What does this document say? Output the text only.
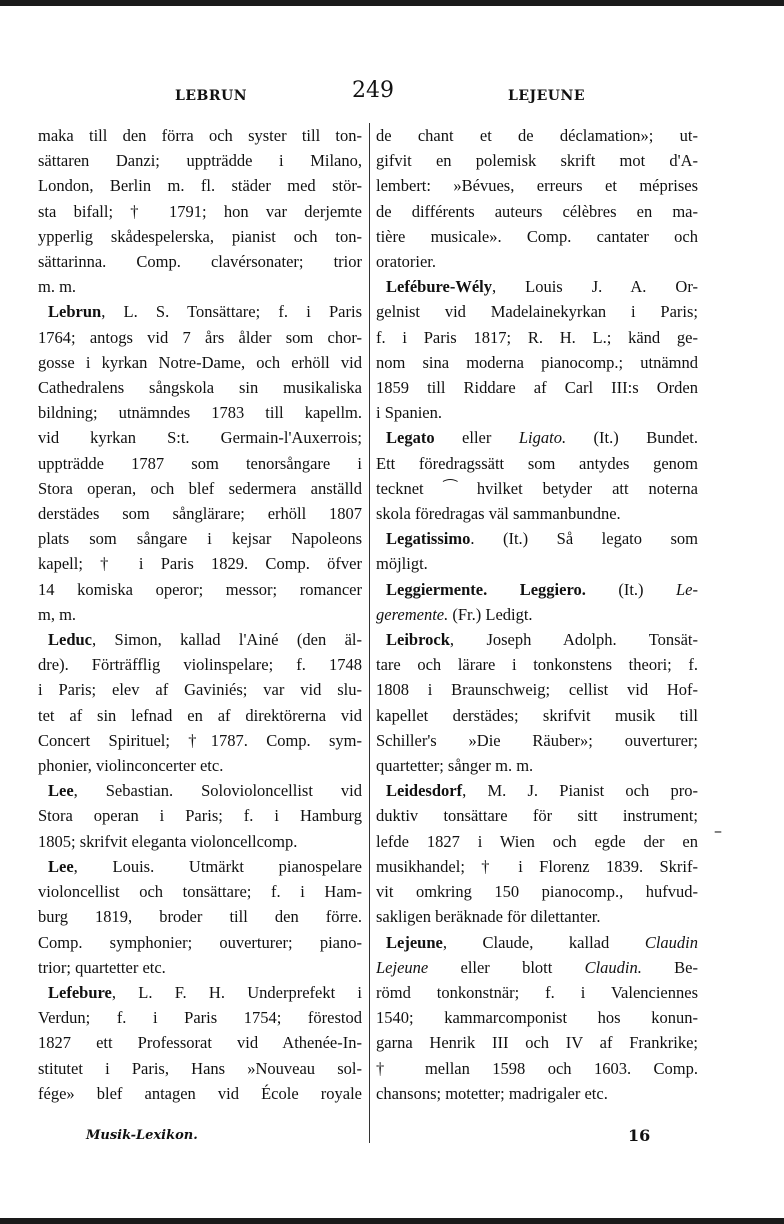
LEBRUN	249	LEJEUNE
maka till den förra och syster till ton-
sättaren Danzi; uppträdde i Milano,
London, Berlin m. fl. städer med stör-
sta bifall; † 1791; hon var derjemte
ypperlig skådespelerska, pianist och ton-
sättarinna. Comp. clavérsonater; trior
m. m.
Lebrun, L. S. Tonsättare; f. i Paris
1764; antogs vid 7 års ålder som chor-
gosse i kyrkan Notre-Dame, och erhöll vid
Cathedralens sångskola sin musikaliska
bildning; utnämndes 1783 till kapellm.
vid kyrkan S:t. Germain-l'Auxerrois;
uppträdde 1787 som tenorsångare i
Stora operan, och blef sedermera anställd
derstädes som sånglärare; erhöll 1807
plats som sångare i kejsar Napoleons
kapell; † i Paris 1829. Comp. öfver
14 komiska operor; messor; romancer
m, m.
Leduc, Simon, kallad l'Ainé (den äl-
dre). Förträfflig violinspelare; f. 1748
i Paris; elev af Gaviniés; var vid slu-
tet af sin lefnad en af direktörerna vid
Concert Spirituel; †1787. Comp. sym-
phonier, violinconcerter etc.
Lee, Sebastian. Solovioloncellist vid
Stora operan i Paris; f. i Hamburg
1805; skrifvit eleganta violoncellcomp.
Lee, Louis. Utmärkt pianospelare
violoncellist och tonsättare; f. i Ham-
burg 1819, broder till den förre.
Comp. symphonier; ouverturer; piano-
trior; quartetter etc.
Lefebure, L. F. H. Underprefekt i
Verdun; f. i Paris 1754; förestod
1827 ett Professorat vid Athenée-In-
stitutet i Paris, Hans »Nouveau sol-
fége» blef antagen vid École royale
de chant et de déclamation»; ut-
gifvit en polemisk skrift mot d'A-
lembert: »Bévues, erreurs et méprises
de différents auteurs célèbres en ma-
tière musicale». Comp. cantater och
oratorier.
Lefébure-Wély, Louis J. A. Or-
gelnist vid Madelainekyrkan i Paris;
f. i Paris 1817; R. H. L.; känd ge-
nom sina moderna pianocomp.; utnämnd
1859 till Riddare af Carl III:s Orden
i Spanien.
Legato eller Ligato. (It.) Bundet.
Ett föredragssätt som antydes genom
tecknet ⁀ hvilket betyder att noterna
skola föredragas väl sammanbundne.
Legatissimo. (It.) Så legato som
möjligt.
Leggiermente. Leggiero. (It.) Le-
geremente. (Fr.) Ledigt.
Leibrock, Joseph Adolph. Tonsät-
tare och lärare i tonkonstens theori; f.
1808 i Braunschweig; cellist vid Hof-
kapellet derstädes; skrifvit musik till
Schiller's »Die Räuber»; ouverturer;
quartetter; sånger m. m.
Leidesdorf, M. J. Pianist och pro-
duktiv tonsättare för sitt instrument;
lefde 1827 i Wien och egde der en
musikhandel; † i Florenz 1839. Skrif-
vit omkring 150 pianocomp., hufvud-
sakligen beräknade för dilettanter.
Lejeune, Claude, kallad Claudin
Lejeune eller blott Claudin. Be-
römd tonkonstnär; f. i Valenciennes
1540; kammarcomponist hos konun-
garna Henrik III och IV af Frankrike;
† mellan 1598 och 1603. Comp.
chansons; motetter; madrigaler etc.
–
Musik-Lexikon.	16
